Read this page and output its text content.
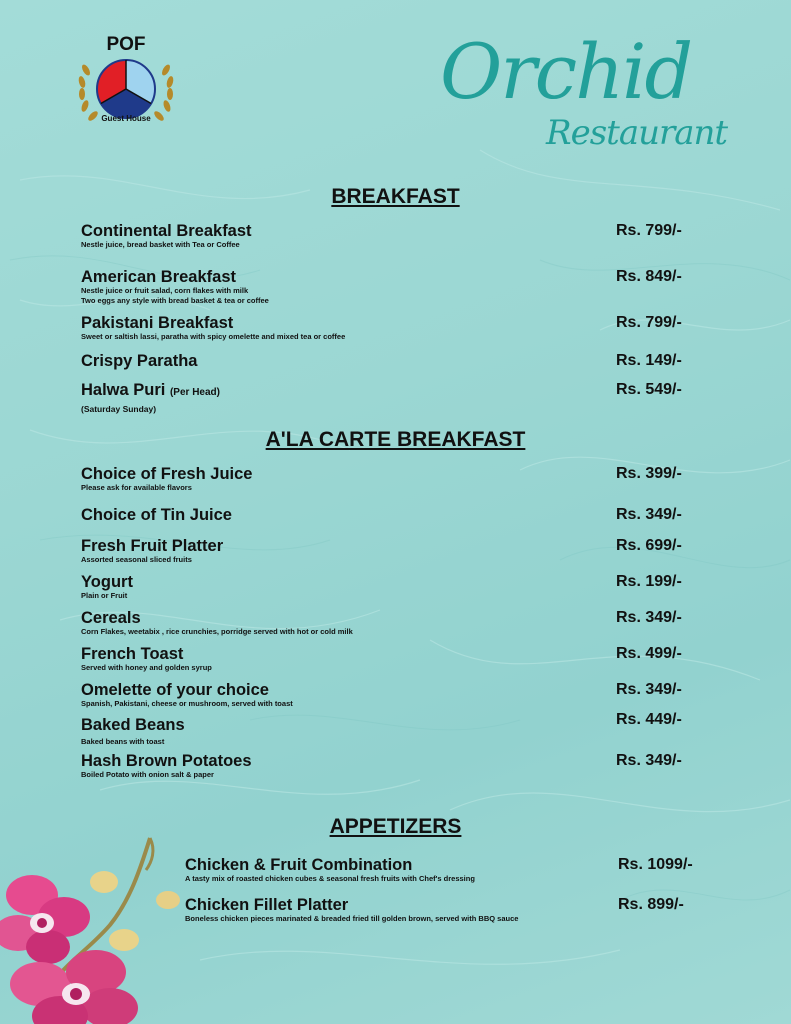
POF
Guest House
Orchid
Restaurant
BREAKFAST
Continental Breakfast
Nestle juice, bread basket with Tea or Coffee
Rs. 799/-
American Breakfast
Nestle juice or fruit salad, corn flakes with milk
Two eggs any style with bread basket & tea or coffee
Rs. 849/-
Pakistani Breakfast
Sweet or saltish lassi, paratha with spicy omelette and mixed tea or coffee
Rs. 799/-
Crispy Paratha	Rs. 149/-
Halwa Puri (Per Head)
(Saturday Sunday)
Rs. 549/-
A'LA CARTE BREAKFAST
Choice of Fresh Juice
Please ask for available flavors
Rs. 399/-
Choice of Tin Juice	Rs. 349/-
Fresh Fruit Platter
Assorted seasonal sliced fruits
Rs. 699/-
Yogurt
Plain or Fruit
Rs. 199/-
Cereals
Corn Flakes, weetabix , rice crunchies, porridge served with hot or cold milk
Rs. 349/-
French Toast
Served with honey and golden syrup
Rs. 499/-
Omelette of your choice
Spanish, Pakistani, cheese or mushroom, served with toast
Rs. 349/-
Baked Beans
Baked beans with toast
Rs. 449/-
Hash Brown Potatoes
Boiled Potato with onion salt & paper
Rs. 349/-
APPETIZERS
Chicken & Fruit Combination
A tasty mix of roasted chicken cubes & seasonal fresh fruits with Chef's dressing
Rs. 1099/-
Chicken Fillet Platter
Boneless chicken pieces marinated & breaded fried till golden brown, served with BBQ sauce
Rs. 899/-
